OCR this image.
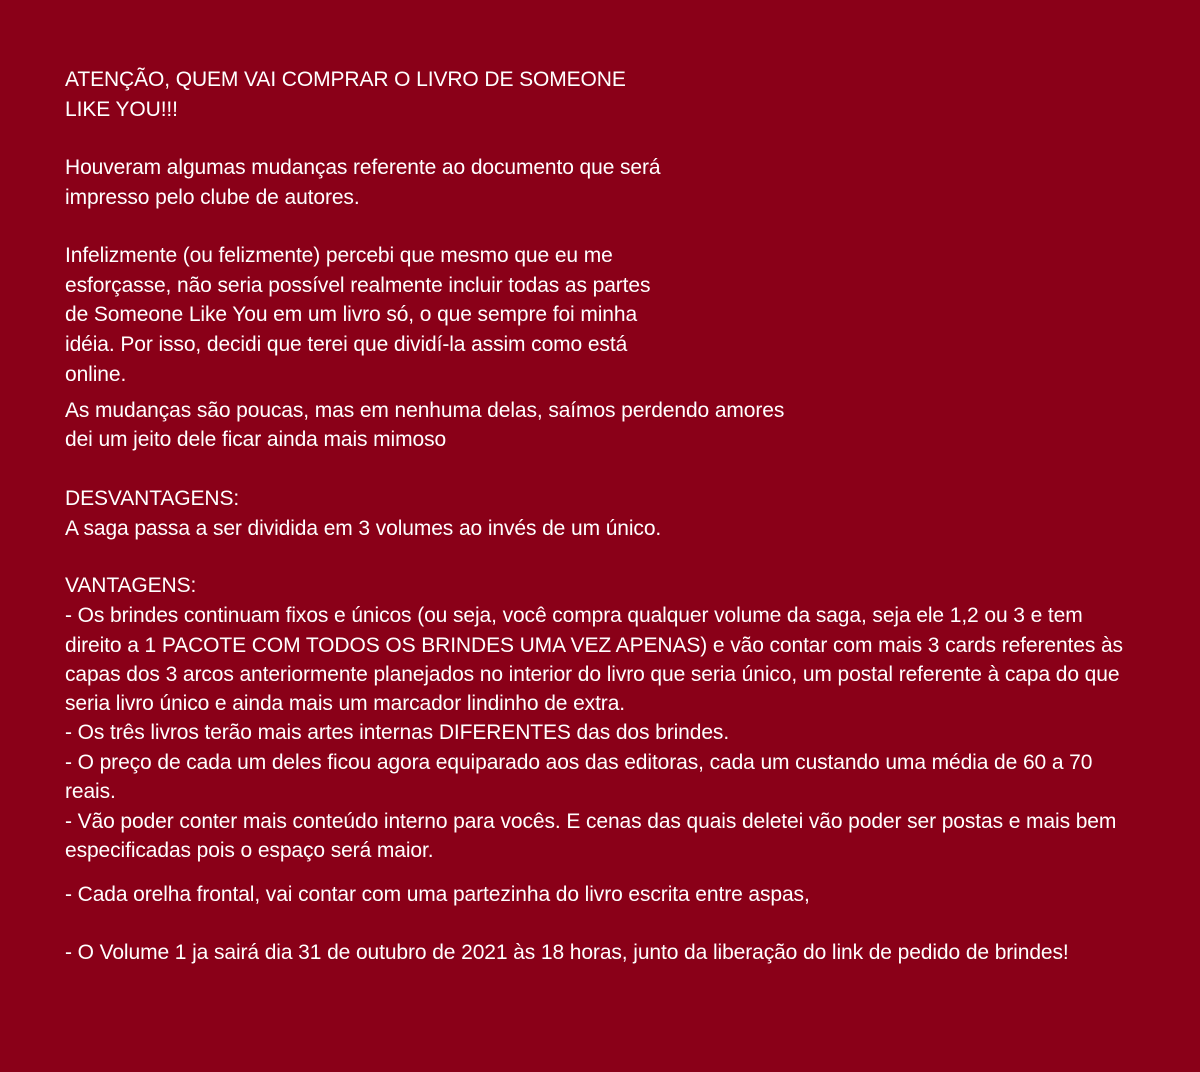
ATENÇÃO, QUEM VAI COMPRAR O LIVRO DE SOMEONE
LIKE YOU!!!
Houveram algumas mudanças referente ao documento que será
impresso pelo clube de autores.
Infelizmente (ou felizmente) percebi que mesmo que eu me
esforçasse, não seria possível realmente incluir todas as partes
de Someone Like You em um livro só, o que sempre foi minha
idéia. Por isso, decidi que terei que dividí-la assim como está
online.
As mudanças são poucas, mas em nenhuma delas, saímos perdendo amores
dei um jeito dele ficar ainda mais mimoso
DESVANTAGENS:
A saga passa a ser dividida em 3 volumes ao invés de um único.
VANTAGENS:
- Os brindes continuam fixos e únicos (ou seja, você compra qualquer volume da saga, seja ele 1,2 ou 3 e tem
direito a 1 PACOTE COM TODOS OS BRINDES UMA VEZ APENAS) e vão contar com mais 3 cards referentes às
capas dos 3 arcos anteriormente planejados no interior do livro que seria único, um postal referente à capa do que
seria livro único e ainda mais um marcador lindinho de extra.
- Os três livros terão mais artes internas DIFERENTES das dos brindes.
- O preço de cada um deles ficou agora equiparado aos das editoras, cada um custando uma média de 60 a 70
reais.
- Vão poder conter mais conteúdo interno para vocês. E cenas das quais deletei vão poder ser postas e mais bem
especificadas pois o espaço será maior.
- Cada orelha frontal, vai contar com uma partezinha do livro escrita entre aspas,
- O Volume 1 ja sairá dia 31 de outubro de 2021 às 18 horas, junto da liberação do link de pedido de brindes!
